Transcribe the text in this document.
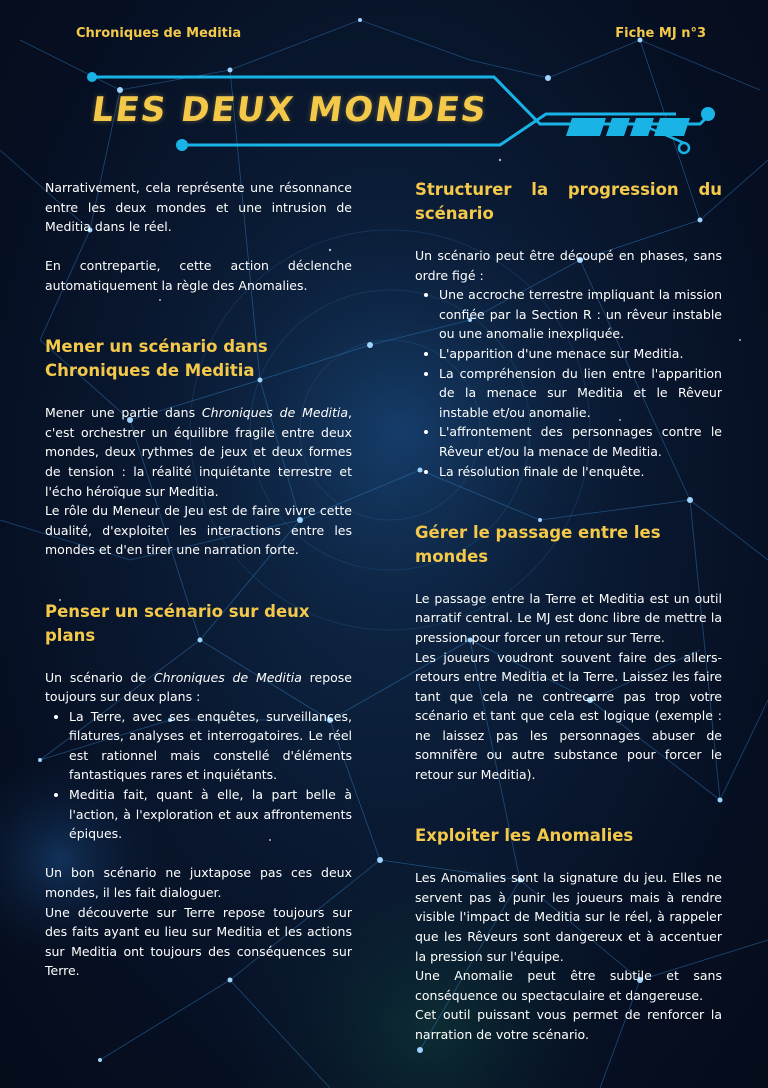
Chroniques de Meditia	Fiche MJ n°3
LES DEUX MONDES

Narrativement, cela représente une résonnance entre les deux mondes et une intrusion de Meditia dans le réel.

En contrepartie, cette action déclenche automatiquement la règle des Anomalies.

Mener un scénario dans Chroniques de Meditia

Mener une partie dans Chroniques de Meditia, c'est orchestrer un équilibre fragile entre deux mondes, deux rythmes de jeux et deux formes de tension : la réalité inquiétante terrestre et l'écho héroïque sur Meditia.

Le rôle du Meneur de Jeu est de faire vivre cette dualité, d'exploiter les interactions entre les mondes et d'en tirer une narration forte.

Penser un scénario sur deux plans

Un scénario de Chroniques de Meditia repose toujours sur deux plans :

• La Terre, avec ses enquêtes, surveillances, filatures, analyses et interrogatoires. Le réel est rationnel mais constellé d'éléments fantastiques rares et inquiétants.
• Meditia fait, quant à elle, la part belle à l'action, à l'exploration et aux affrontements épiques.

Un bon scénario ne juxtapose pas ces deux mondes, il les fait dialoguer.

Une découverte sur Terre repose toujours sur des faits ayant eu lieu sur Meditia et les actions sur Meditia ont toujours des conséquences sur Terre.

Structurer la progression du scénario

Un scénario peut être découpé en phases, sans ordre figé :

• Une accroche terrestre impliquant la mission confiée par la Section R : un rêveur instable ou une anomalie inexpliquée.
• L'apparition d'une menace sur Meditia.
• La compréhension du lien entre l'apparition de la menace sur Meditia et le Rêveur instable et/ou anomalie.
• L'affrontement des personnages contre le Rêveur et/ou la menace de Meditia.
• La résolution finale de l'enquête.
Gérer le passage entre les mondes

Le passage entre la Terre et Meditia est un outil narratif central. Le MJ est donc libre de mettre la pression pour forcer un retour sur Terre.

Les joueurs voudront souvent faire des allers-retours entre Meditia et la Terre. Laissez les faire tant que cela ne contrecarre pas trop votre scénario et tant que cela est logique (exemple : ne laissez pas les personnages abuser de somnifère ou autre substance pour forcer le retour sur Meditia).

Exploiter les Anomalies

Les Anomalies sont la signature du jeu. Elles ne servent pas à punir les joueurs mais à rendre visible l'impact de Meditia sur le réel, à rappeler que les Rêveurs sont dangereux et à accentuer la pression sur l'équipe.

Une Anomalie peut être subtile et sans conséquence ou spectaculaire et dangereuse.

Cet outil puissant vous permet de renforcer la narration de votre scénario.
